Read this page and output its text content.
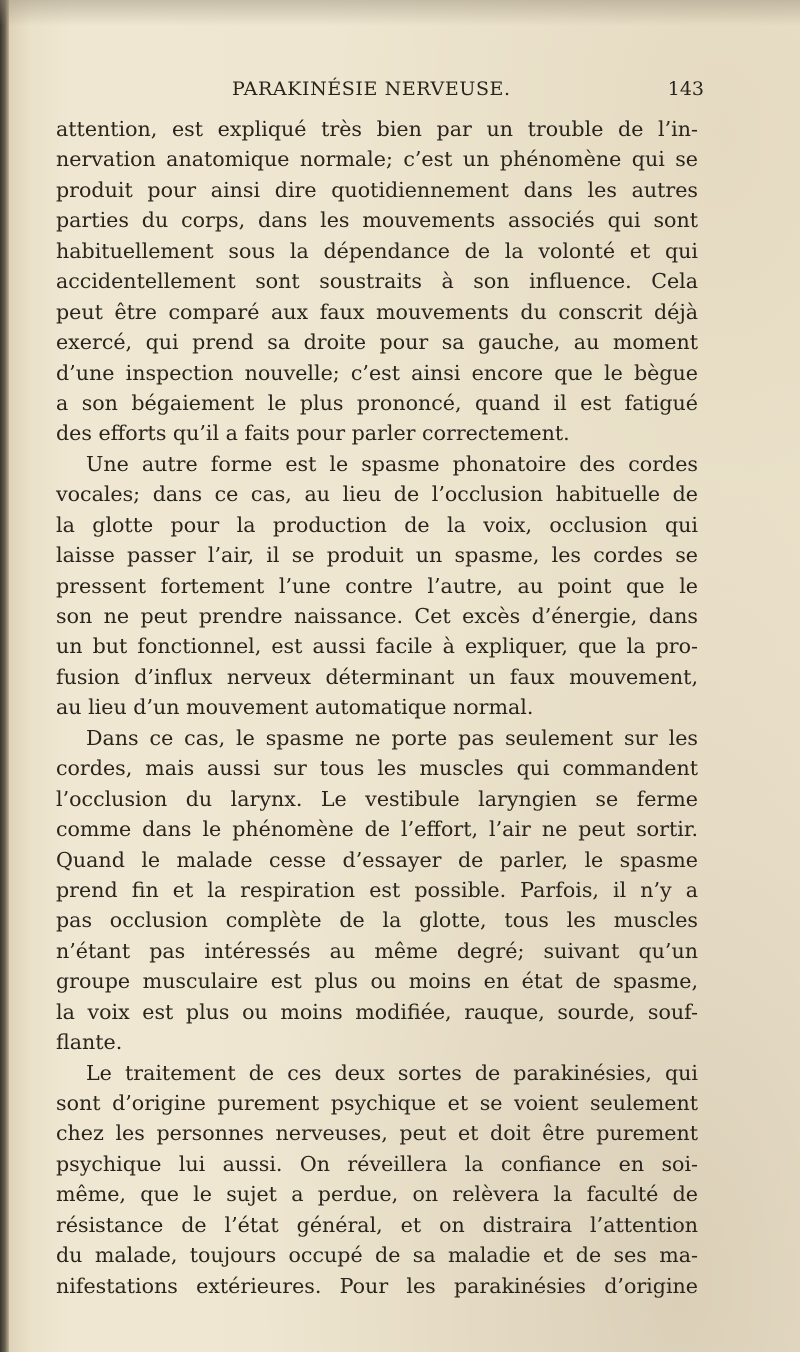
PARAKINÉSIE NERVEUSE.	143
attention, est expliqué très bien par un trouble de l’in-
nervation anatomique normale; c’est un phénomène qui se
produit pour ainsi dire quotidiennement dans les autres
parties du corps, dans les mouvements associés qui sont
habituellement sous la dépendance de la volonté et qui
accidentellement sont soustraits à son influence. Cela
peut être comparé aux faux mouvements du conscrit déjà
exercé, qui prend sa droite pour sa gauche, au moment
d’une inspection nouvelle; c’est ainsi encore que le bègue
a son bégaiement le plus prononcé, quand il est fatigué
des efforts qu’il a faits pour parler correctement.
Une autre forme est le spasme phonatoire des cordes
vocales; dans ce cas, au lieu de l’occlusion habituelle de
la glotte pour la production de la voix, occlusion qui
laisse passer l’air, il se produit un spasme, les cordes se
pressent fortement l’une contre l’autre, au point que le
son ne peut prendre naissance. Cet excès d’énergie, dans
un but fonctionnel, est aussi facile à expliquer, que la pro-
fusion d’influx nerveux déterminant un faux mouvement,
au lieu d’un mouvement automatique normal.
Dans ce cas, le spasme ne porte pas seulement sur les
cordes, mais aussi sur tous les muscles qui commandent
l’occlusion du larynx. Le vestibule laryngien se ferme
comme dans le phénomène de l’effort, l’air ne peut sortir.
Quand le malade cesse d’essayer de parler, le spasme
prend fin et la respiration est possible. Parfois, il n’y a
pas occlusion complète de la glotte, tous les muscles
n’étant pas intéressés au même degré; suivant qu’un
groupe musculaire est plus ou moins en état de spasme,
la voix est plus ou moins modifiée, rauque, sourde, souf-
flante.
Le traitement de ces deux sortes de parakinésies, qui
sont d’origine purement psychique et se voient seulement
chez les personnes nerveuses, peut et doit être purement
psychique lui aussi. On réveillera la confiance en soi-
même, que le sujet a perdue, on relèvera la faculté de
résistance de l’état général, et on distraira l’attention
du malade, toujours occupé de sa maladie et de ses ma-
nifestations extérieures. Pour les parakinésies d’origine
